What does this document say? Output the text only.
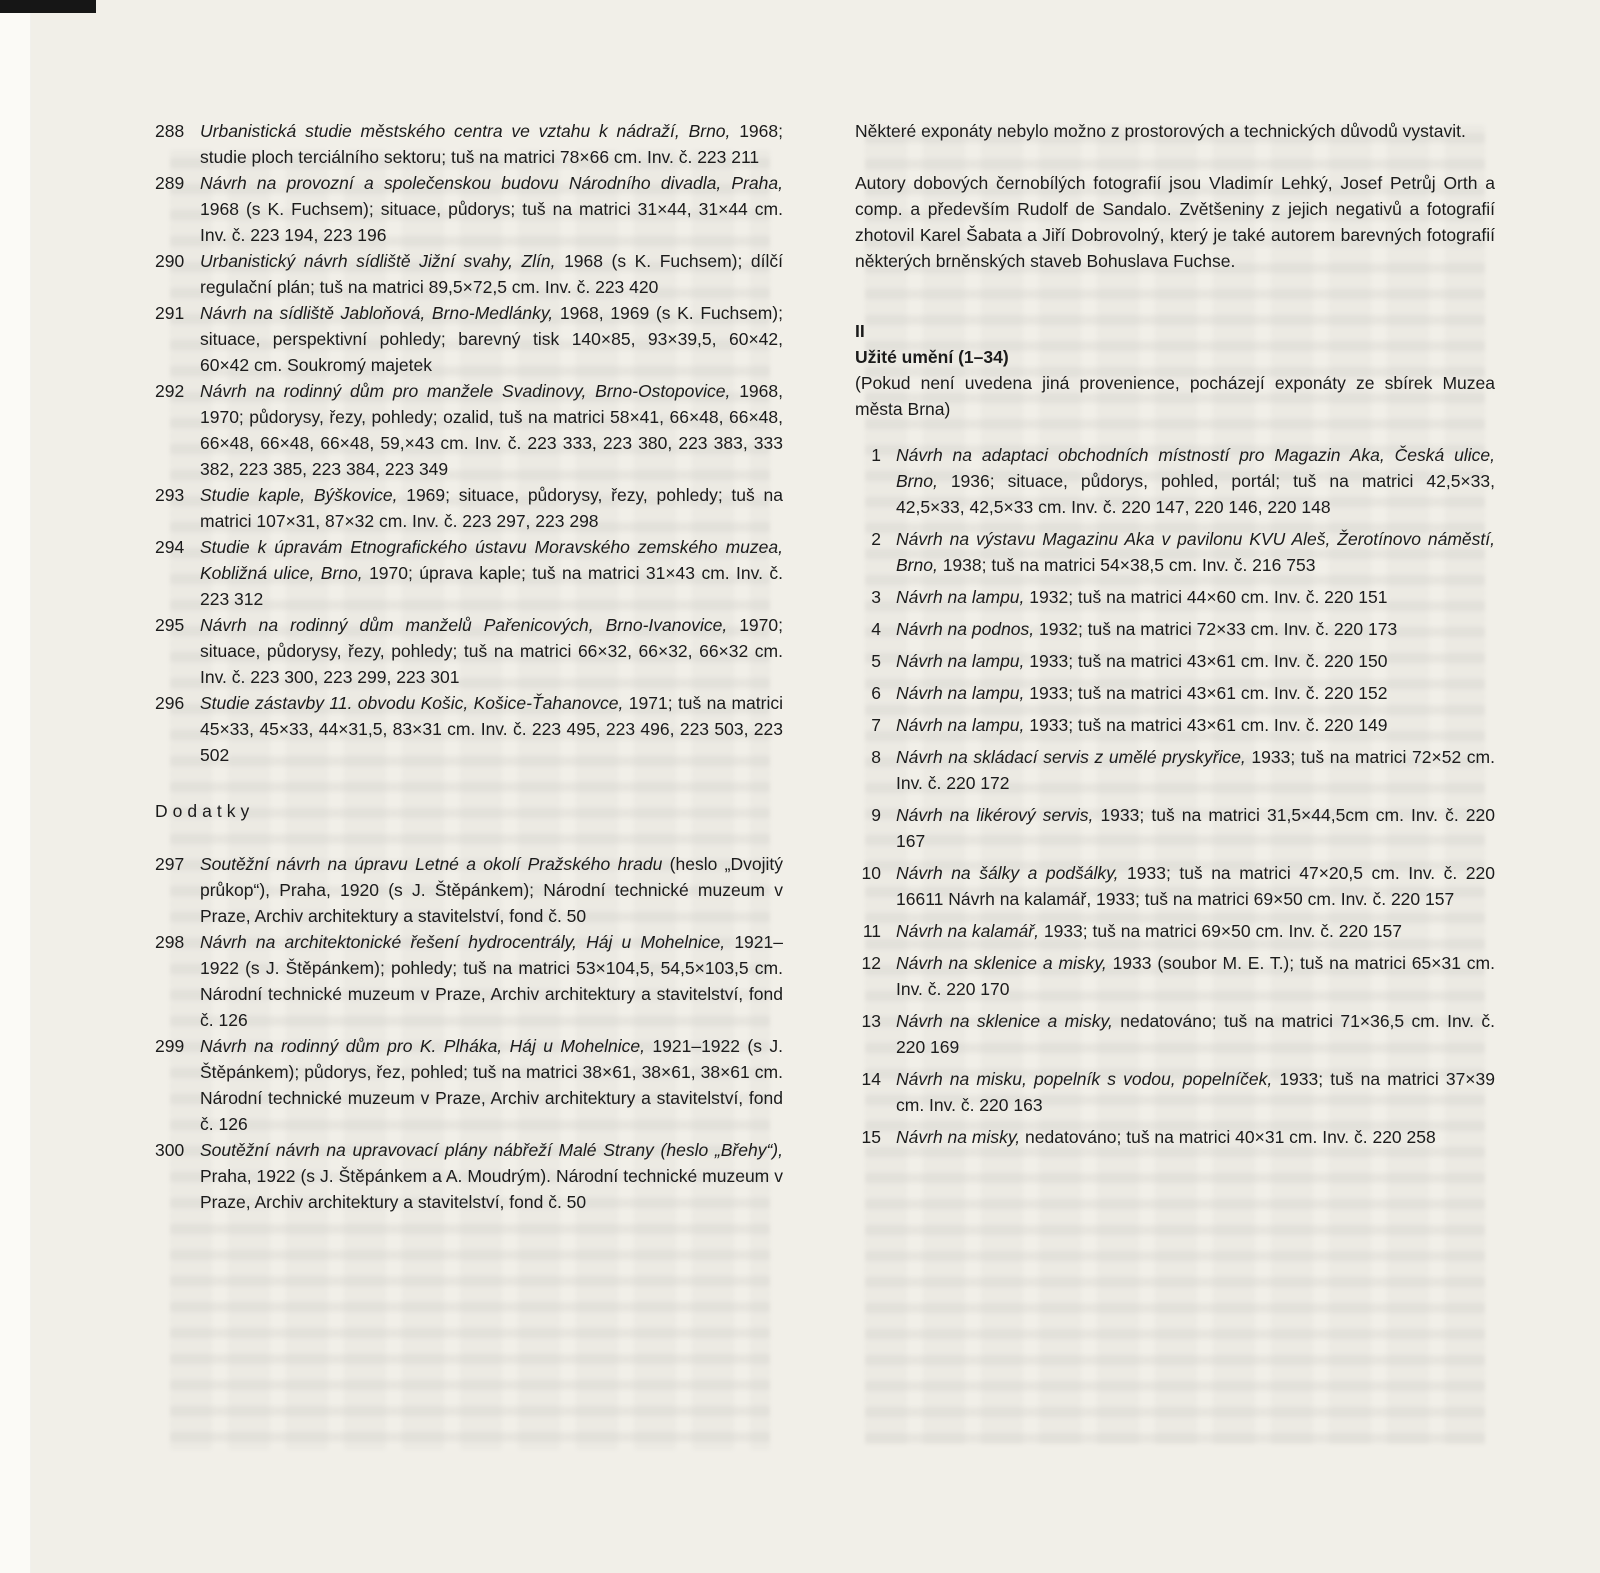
288 Urbanistická studie městského centra ve vztahu k nádraží, Brno, 1968; studie ploch terciálního sektoru; tuš na matrici 78×66 cm. Inv. č. 223 211
289 Návrh na provozní a společenskou budovu Národního divadla, Praha, 1968 (s K. Fuchsem); situace, půdorys; tuš na matrici 31×44, 31×44 cm. Inv. č. 223 194, 223 196
290 Urbanistický návrh sídliště Jižní svahy, Zlín, 1968 (s K. Fuchsem); dílčí regulační plán; tuš na matrici 89,5×72,5 cm. Inv. č. 223 420
291 Návrh na sídliště Jabloňová, Brno-Medlánky, 1968, 1969 (s K. Fuchsem); situace, perspektivní pohledy; barevný tisk 140×85, 93×39,5, 60×42, 60×42 cm. Soukromý majetek
292 Návrh na rodinný dům pro manžele Svadinovy, Brno-Ostopovice, 1968, 1970; půdorysy, řezy, pohledy; ozalid, tuš na matrici 58×41, 66×48, 66×48, 66×48, 66×48, 66×48, 59,×43 cm. Inv. č. 223 333, 223 380, 223 383, 333 382, 223 385, 223 384, 223 349
293 Studie kaple, Býškovice, 1969; situace, půdorysy, řezy, pohledy; tuš na matrici 107×31, 87×32 cm. Inv. č. 223 297, 223 298
294 Studie k úpravám Etnografického ústavu Moravského zemského muzea, Kobližná ulice, Brno, 1970; úprava kaple; tuš na matrici 31×43 cm. Inv. č. 223 312
295 Návrh na rodinný dům manželů Pařenicových, Brno-Ivanovice, 1970; situace, půdorysy, řezy, pohledy; tuš na matrici 66×32, 66×32, 66×32 cm. Inv. č. 223 300, 223 299, 223 301
296 Studie zástavby 11. obvodu Košic, Košice-Ťahanovce, 1971; tuš na matrici 45×33, 45×33, 44×31,5, 83×31 cm. Inv. č. 223 495, 223 496, 223 503, 223 502
Dodatky
297 Soutěžní návrh na úpravu Letné a okolí Pražského hradu (heslo „Dvojitý průkop“), Praha, 1920 (s J. Štěpánkem); Národní technické muzeum v Praze, Archiv architektury a stavitelství, fond č. 50
298 Návrh na architektonické řešení hydrocentrály, Háj u Mohelnice, 1921–1922 (s J. Štěpánkem); pohledy; tuš na matrici 53×104,5, 54,5×103,5 cm. Národní technické muzeum v Praze, Archiv architektury a stavitelství, fond č. 126
299 Návrh na rodinný dům pro K. Plháka, Háj u Mohelnice, 1921–1922 (s J. Štěpánkem); půdorys, řez, pohled; tuš na matrici 38×61, 38×61, 38×61 cm. Národní technické muzeum v Praze, Archiv architektury a stavitelství, fond č. 126
300 Soutěžní návrh na upravovací plány nábřeží Malé Strany (heslo „Břehy“), Praha, 1922 (s J. Štěpánkem a A. Moudrým). Národní technické muzeum v Praze, Archiv architektury a stavitelství, fond č. 50
Některé exponáty nebylo možno z prostorových a technických důvodů vystavit.
Autory dobových černobílých fotografií jsou Vladimír Lehký, Josef Petrůj Orth a comp. a především Rudolf de Sandalo. Zvětšeniny z jejich negativů a fotografií zhotovil Karel Šabata a Jiří Dobrovolný, který je také autorem barevných fotografií některých brněnských staveb Bohuslava Fuchse.
II
Užité umění (1–34)
(Pokud není uvedena jiná provenience, pocházejí exponáty ze sbírek Muzea města Brna)
1 Návrh na adaptaci obchodních místností pro Magazin Aka, Česká ulice, Brno, 1936; situace, půdorys, pohled, portál; tuš na matrici 42,5×33, 42,5×33, 42,5×33 cm. Inv. č. 220 147, 220 146, 220 148
2 Návrh na výstavu Magazinu Aka v pavilonu KVU Aleš, Žerotínovo náměstí, Brno, 1938; tuš na matrici 54×38,5 cm. Inv. č. 216 753
3 Návrh na lampu, 1932; tuš na matrici 44×60 cm. Inv. č. 220 151
4 Návrh na podnos, 1932; tuš na matrici 72×33 cm. Inv. č. 220 173
5 Návrh na lampu, 1933; tuš na matrici 43×61 cm. Inv. č. 220 150
6 Návrh na lampu, 1933; tuš na matrici 43×61 cm. Inv. č. 220 152
7 Návrh na lampu, 1933; tuš na matrici 43×61 cm. Inv. č. 220 149
8 Návrh na skládací servis z umělé pryskyřice, 1933; tuš na matrici 72×52 cm. Inv. č. 220 172
9 Návrh na likérový servis, 1933; tuš na matrici 31,5×44,5cm cm. Inv. č. 220 167
10 Návrh na šálky a podšálky, 1933; tuš na matrici 47×20,5 cm. Inv. č. 220 16611 Návrh na kalamář, 1933; tuš na matrici 69×50 cm. Inv. č. 220 157
11 Návrh na kalamář, 1933; tuš na matrici 69×50 cm. Inv. č. 220 157
12 Návrh na sklenice a misky, 1933 (soubor M. E. T.); tuš na matrici 65×31 cm. Inv. č. 220 170
13 Návrh na sklenice a misky, nedatováno; tuš na matrici 71×36,5 cm. Inv. č. 220 169
14 Návrh na misku, popelník s vodou, popelníček, 1933; tuš na matrici 37×39 cm. Inv. č. 220 163
15 Návrh na misky, nedatováno; tuš na matrici 40×31 cm. Inv. č. 220 258
